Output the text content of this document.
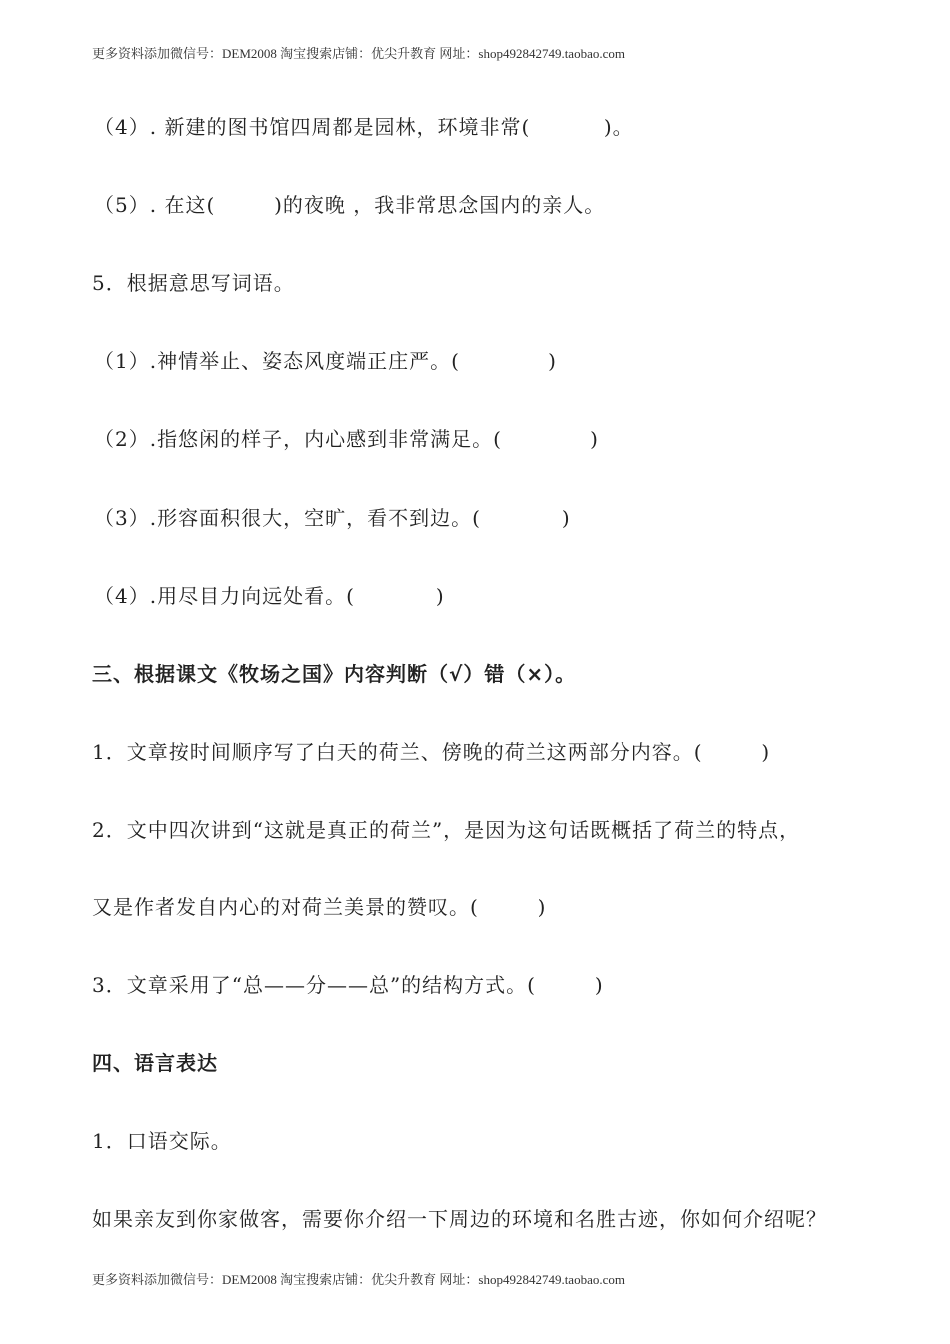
更多资料添加微信号：DEM2008 淘宝搜索店铺：优尖升教育 网址：shop492842749.taobao.com
（4）. 新建的图书馆四周都是园林，环境非常(          )。
（5）. 在这(        )的夜晚 ，我非常思念国内的亲人。
5．根据意思写词语。
（1）.神情举止、姿态风度端正庄严。(            )
（2）.指悠闲的样子，内心感到非常满足。(            )
（3）.形容面积很大，空旷，看不到边。(           )
（4）.用尽目力向远处看。(           )
三、根据课文《牧场之国》内容判断（√）错（×）。
1．文章按时间顺序写了白天的荷兰、傍晚的荷兰这两部分内容。(        )
2．文中四次讲到“这就是真正的荷兰”，是因为这句话既概括了荷兰的特点，
又是作者发自内心的对荷兰美景的赞叹。(        )
3．文章采用了“总——分——总”的结构方式。(        )
四、语言表达
1．口语交际。
如果亲友到你家做客，需要你介绍一下周边的环境和名胜古迹，你如何介绍呢？
更多资料添加微信号：DEM2008 淘宝搜索店铺：优尖升教育 网址：shop492842749.taobao.com
